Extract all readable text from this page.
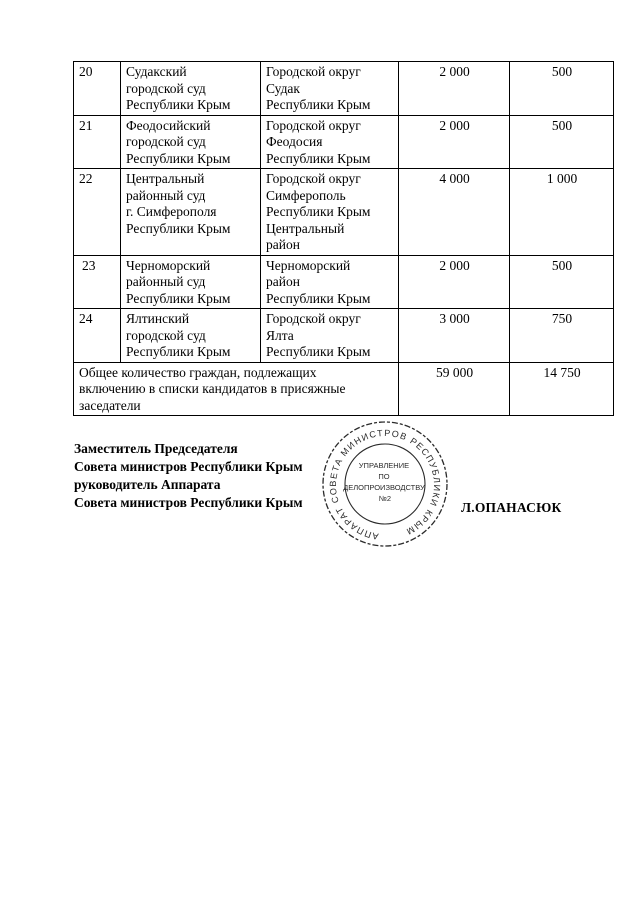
20	Судакский
городской суд
Республики Крым	Городской округ
Судак
Республики Крым	2 000	500
21	Феодосийский
городской суд
Республики Крым	Городской округ
Феодосия
Республики Крым	2 000	500
22	Центральный
районный суд
г. Симферополя
Республики Крым	Городской округ
Симферополь
Республики Крым
Центральный
район	4 000	1 000
23	Черноморский
районный суд
Республики Крым	Черноморский
район
Республики Крым	2 000	500
24	Ялтинский
городской суд
Республики Крым	Городской округ
Ялта
Республики Крым	3 000	750

Общее количество граждан, подлежащих
включению в списки кандидатов в присяжные
заседатели			59 000	14 750
Заместитель Председателя
Совета министров Республики Крым
руководитель Аппарата
Совета министров Республики Крым
АППАРАТ СОВЕТА МИНИСТРОВ РЕСПУБЛИКИ КРЫМ
УПРАВЛЕНИЕ ПО ДЕЛОПРОИЗВОДСТВУ №2
Л.ОПАНАСЮК
